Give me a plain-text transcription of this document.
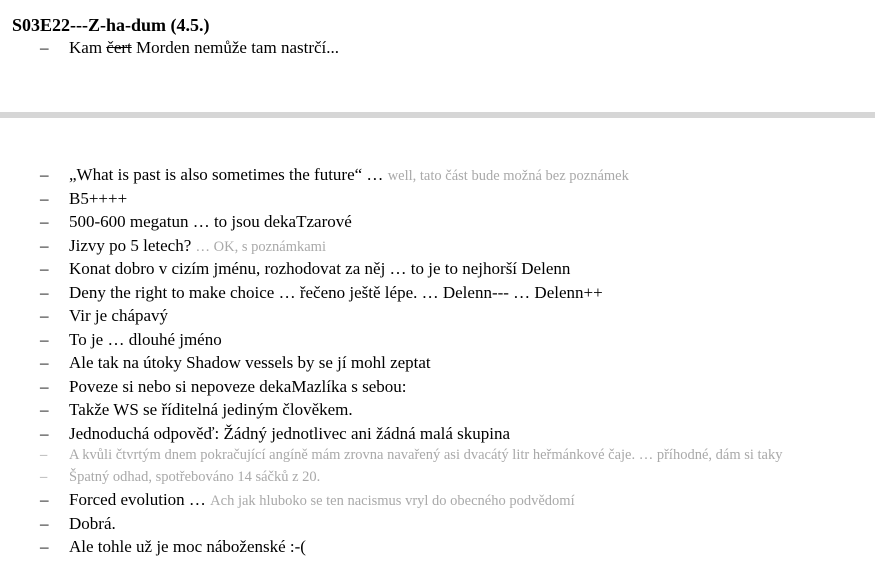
S03E22---Z-ha-dum (4.5.)
– Kam čert Morden nemůže tam nastrčí...
– „What is past is also sometimes the future“ … well, tato část bude možná bez poznámek
– B5++++
– 500-600 megatun … to jsou dekaTzarové
– Jizvy po 5 letech? … OK, s poznámkami
– Konat dobro v cizím jménu, rozhodovat za něj … to je to nejhorší Delenn
– Deny the right to make choice … řečeno ještě lépe. … Delenn--- … Delenn++
– Vir je chápavý
– To je … dlouhé jméno
– Ale tak na útoky Shadow vessels by se jí mohl zeptat
– Poveze si nebo si nepoveze dekaMazlíka s sebou:
– Takže WS se říditelná jediným člověkem.
– Jednoduchá odpověď: Žádný jednotlivec ani žádná malá skupina
– A kvůli čtvrtým dnem pokračující angíně mám zrovna navařený asi dvacátý litr heřmánkové čaje. … příhodné, dám si taky
– Špatný odhad, spotřebováno 14 sáčků z 20.
– Forced evolution … Ach jak hluboko se ten nacismus vryl do obecného podvědomí
– Dobrá.
– Ale tohle už je moc náboženské :-(
